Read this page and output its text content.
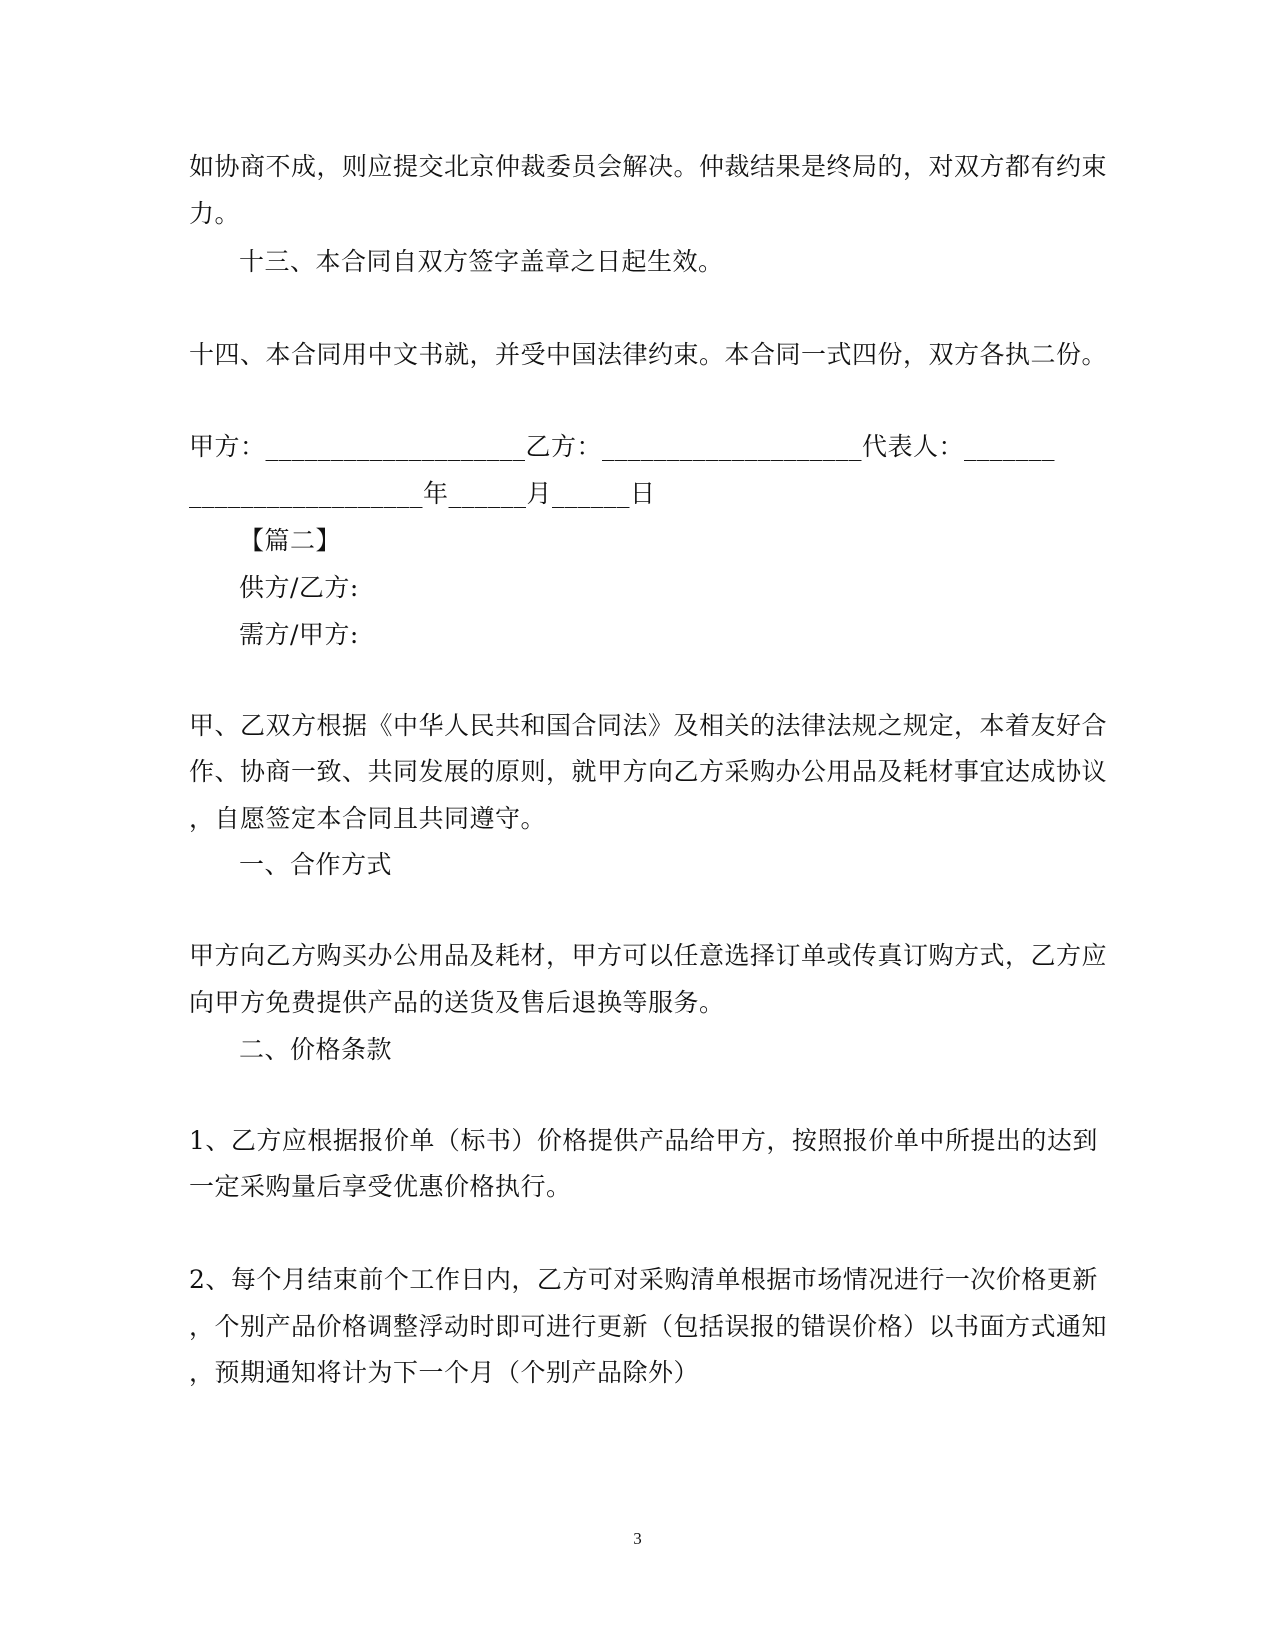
如协商不成，则应提交北京仲裁委员会解决。仲裁结果是终局的，对双方都有约束
力。
十三、本合同自双方签字盖章之日起生效。
十四、本合同用中文书就，并受中国法律约束。本合同一式四份，双方各执二份。
甲方：____________________乙方：____________________代表人：_______
__________________年______月______日
【篇二】
供方/乙方:
需方/甲方:
甲、乙双方根据《中华人民共和国合同法》及相关的法律法规之规定，本着友好合
作、协商一致、共同发展的原则，就甲方向乙方采购办公用品及耗材事宜达成协议
，自愿签定本合同且共同遵守。
一、合作方式
甲方向乙方购买办公用品及耗材，甲方可以任意选择订单或传真订购方式，乙方应
向甲方免费提供产品的送货及售后退换等服务。
二、价格条款
1、乙方应根据报价单（标书）价格提供产品给甲方，按照报价单中所提出的达到
一定采购量后享受优惠价格执行。
2、每个月结束前个工作日内，乙方可对采购清单根据市场情况进行一次价格更新
，个别产品价格调整浮动时即可进行更新（包括误报的错误价格）以书面方式通知
，预期通知将计为下一个月（个别产品除外）
3
